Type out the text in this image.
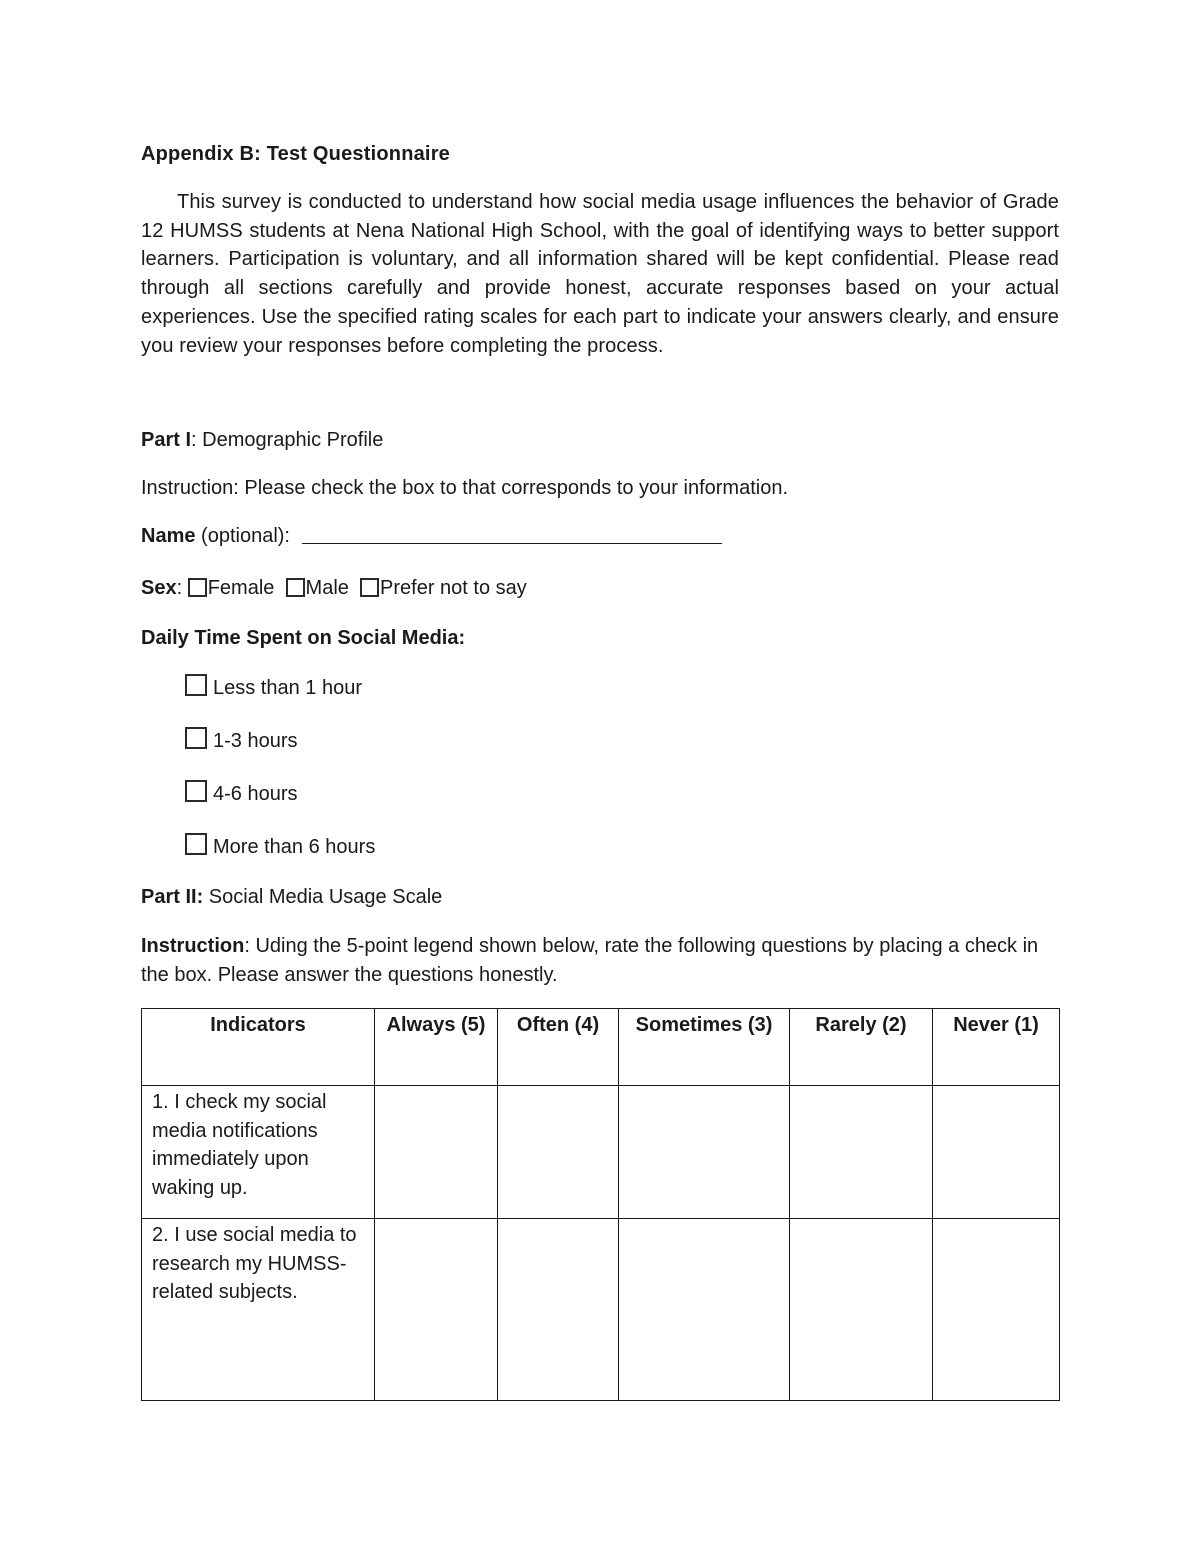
Appendix B: Test Questionnaire
This survey is conducted to understand how social media usage influences the behavior of Grade 12 HUMSS students at Nena National High School, with the goal of identifying ways to better support learners. Participation is voluntary, and all information shared will be kept confidential. Please read through all sections carefully and provide honest, accurate responses based on your actual experiences. Use the specified rating scales for each part to indicate your answers clearly, and ensure you review your responses before completing the process.
Part I: Demographic Profile
Instruction: Please check the box to that corresponds to your information.
Name (optional):
Sex: Female Male Prefer not to say
Daily Time Spent on Social Media:
Less than 1 hour
1-3 hours
4-6 hours
More than 6 hours
Part II: Social Media Usage Scale
Instruction: Uding the 5-point legend shown below, rate the following questions by placing a check in the box. Please answer the questions honestly.
Indicators	Always (5)	Often (4)	Sometimes (3)	Rarely (2)	Never (1)
1. I check my social media notifications immediately upon waking up.					
2. I use social media to research my HUMSS-related subjects.					
